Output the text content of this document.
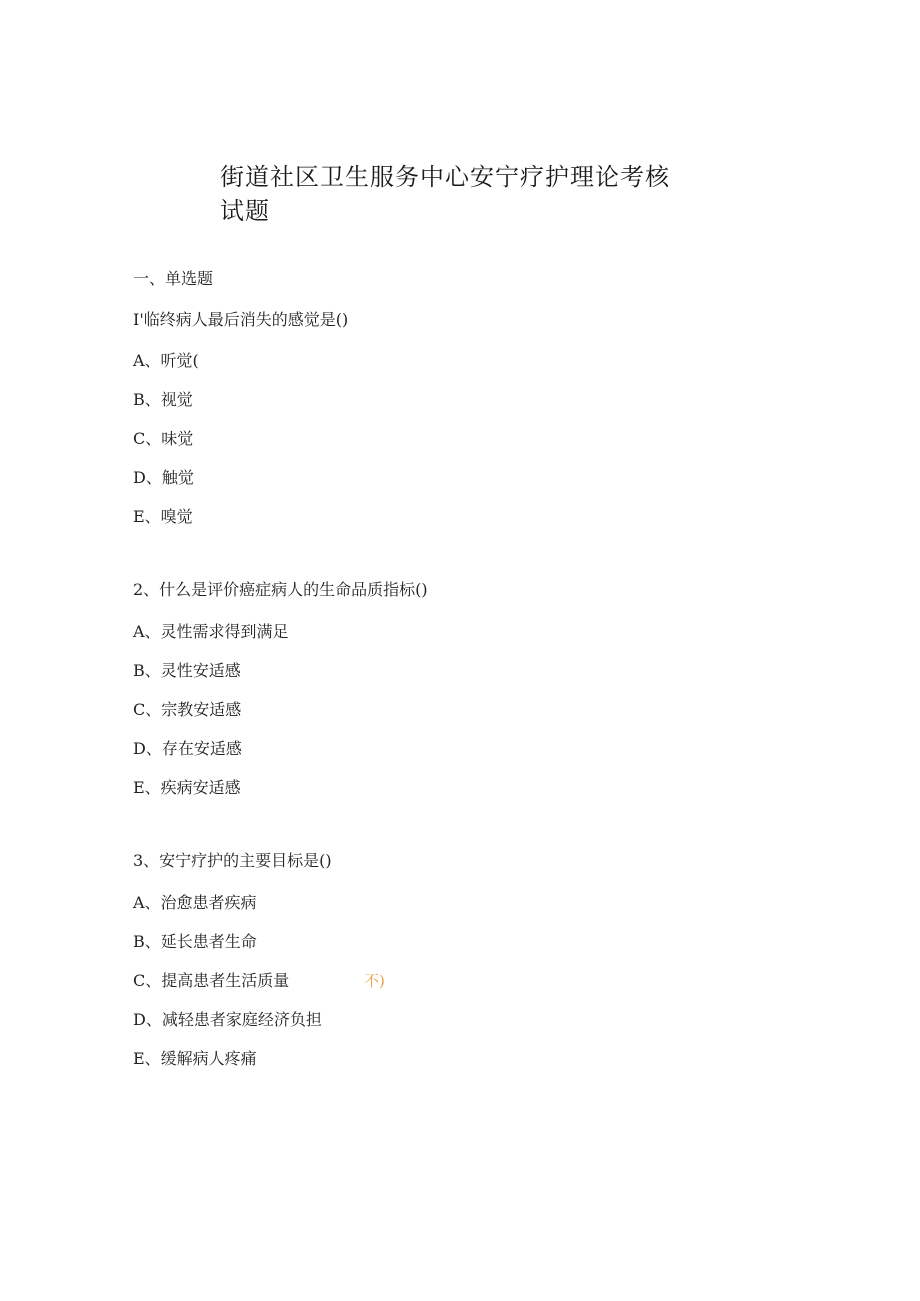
街道社区卫生服务中心安宁疗护理论考核试题
一、单选题
I'临终病人最后消失的感觉是()
A、听觉(
B、视觉
C、味觉
D、触觉
E、嗅觉
2、什么是评价癌症病人的生命品质指标()
A、灵性需求得到满足
B、灵性安适感
C、宗教安适感
D、存在安适感
E、疾病安适感
3、安宁疗护的主要目标是()
A、治愈患者疾病
B、延长患者生命
C、提高患者生活质量
D、减轻患者家庭经济负担
E、缓解病人疼痛
不)
